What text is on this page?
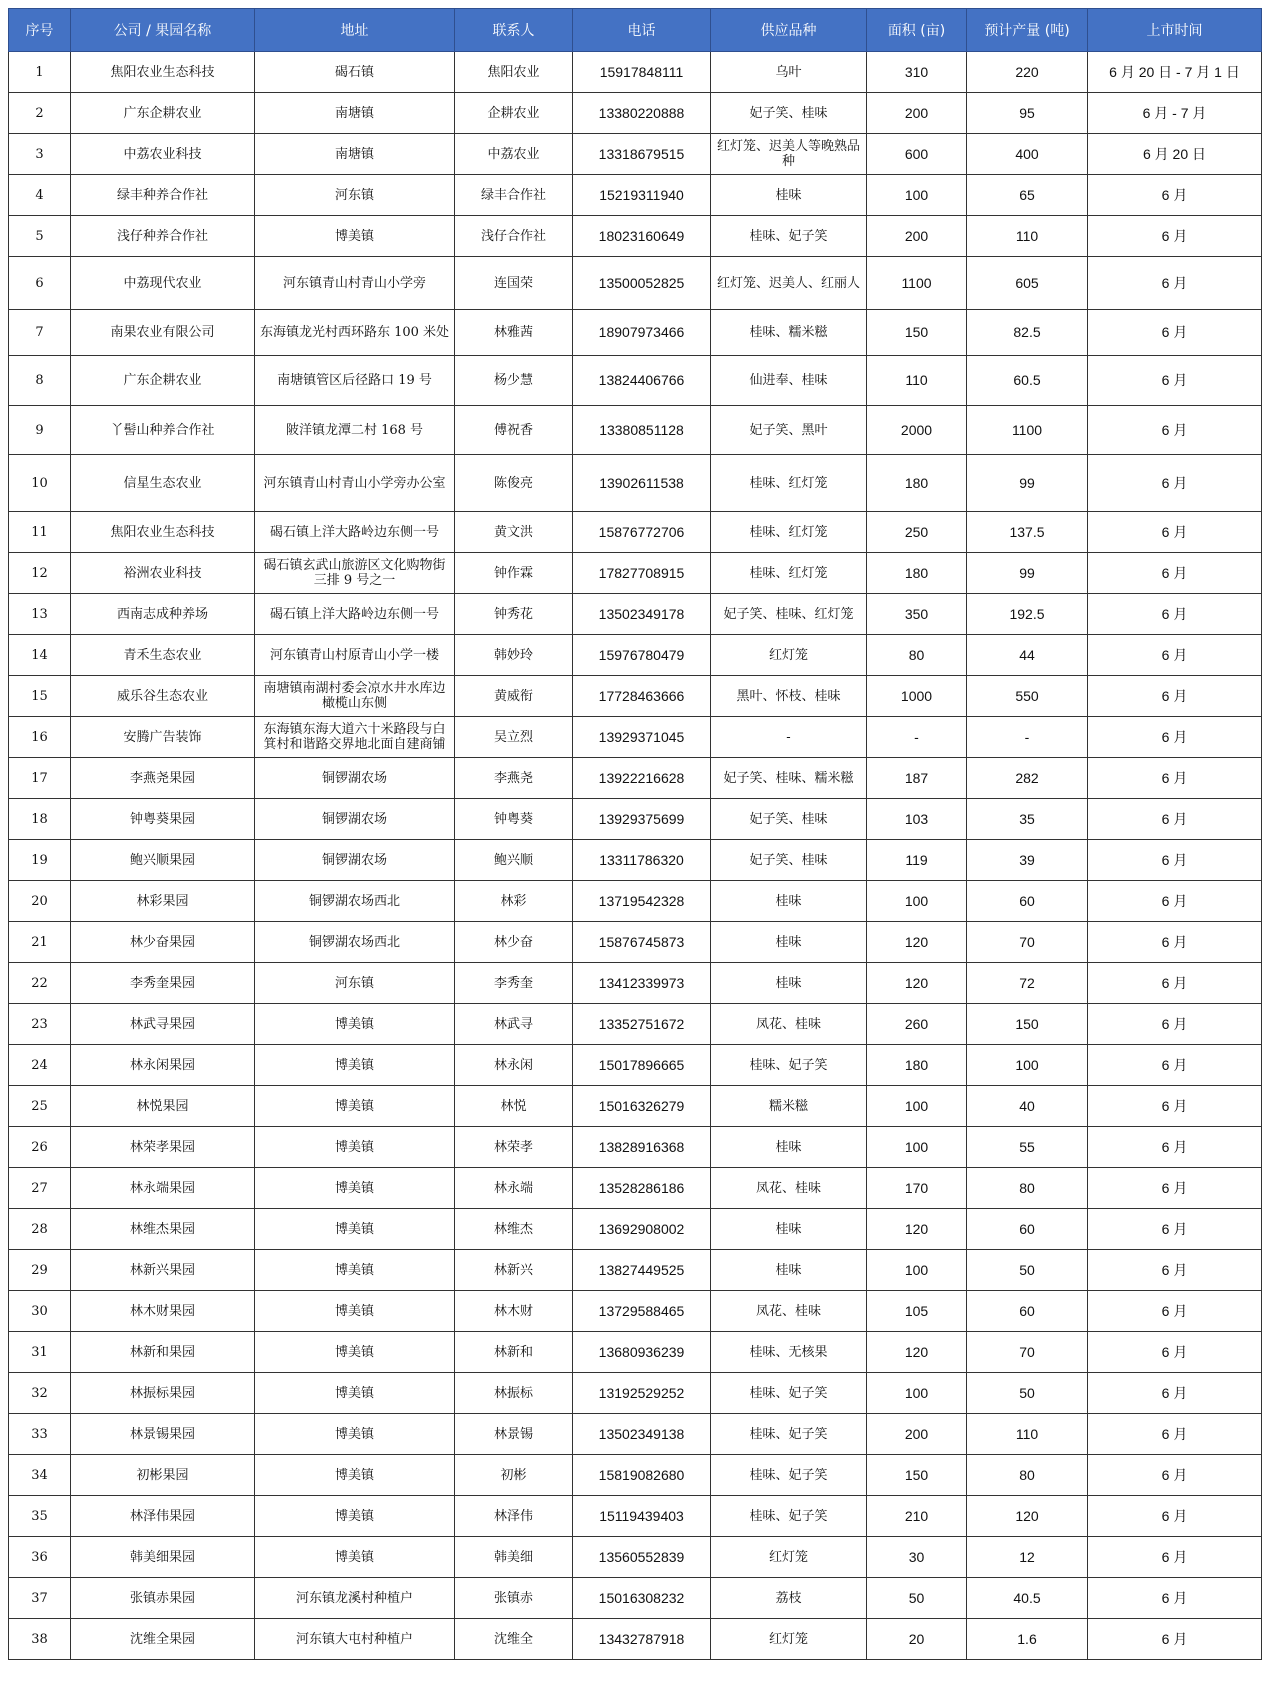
序号	公司 / 果园名称	地址	联系人	电话	供应品种	面积 (亩)	预计产量 (吨)	上市时间
1	焦阳农业生态科技	碣石镇	焦阳农业	15917848111	乌叶	310	220	6 月 20 日 - 7 月 1 日
2	广东企耕农业	南塘镇	企耕农业	13380220888	妃子笑、桂味	200	95	6 月 - 7 月
3	中荔农业科技	南塘镇	中荔农业	13318679515	红灯笼、迟美人等晚熟品种	600	400	6 月 20 日
4	绿丰种养合作社	河东镇	绿丰合作社	15219311940	桂味	100	65	6 月
5	浅仔种养合作社	博美镇	浅仔合作社	18023160649	桂味、妃子笑	200	110	6 月
6	中荔现代农业	河东镇青山村青山小学旁	连国荣	13500052825	红灯笼、迟美人、红丽人	1100	605	6 月
7	南果农业有限公司	东海镇龙光村西环路东 100 米处	林雅茜	18907973466	桂味、糯米糍	150	82.5	6 月
8	广东企耕农业	南塘镇管区后径路口 19 号	杨少慧	13824406766	仙进奉、桂味	110	60.5	6 月
9	丫髻山种养合作社	陂洋镇龙潭二村 168 号	傅祝香	13380851128	妃子笑、黑叶	2000	1100	6 月
10	信星生态农业	河东镇青山村青山小学旁办公室	陈俊亮	13902611538	桂味、红灯笼	180	99	6 月
11	焦阳农业生态科技	碣石镇上洋大路岭边东侧一号	黄文洪	15876772706	桂味、红灯笼	250	137.5	6 月
12	裕洲农业科技	碣石镇玄武山旅游区文化购物街三排 9 号之一	钟作霖	17827708915	桂味、红灯笼	180	99	6 月
13	西南志成种养场	碣石镇上洋大路岭边东侧一号	钟秀花	13502349178	妃子笑、桂味、红灯笼	350	192.5	6 月
14	青禾生态农业	河东镇青山村原青山小学一楼	韩妙玲	15976780479	红灯笼	80	44	6 月
15	威乐谷生态农业	南塘镇南湖村委会凉水井水库边橄榄山东侧	黄威衔	17728463666	黑叶、怀枝、桂味	1000	550	6 月
16	安腾广告装饰	东海镇东海大道六十米路段与白箕村和谐路交界地北面自建商铺	吴立烈	13929371045	-	-	-	6 月
17	李燕尧果园	铜锣湖农场	李燕尧	13922216628	妃子笑、桂味、糯米糍	187	282	6 月
18	钟粤葵果园	铜锣湖农场	钟粤葵	13929375699	妃子笑、桂味	103	35	6 月
19	鲍兴顺果园	铜锣湖农场	鲍兴顺	13311786320	妃子笑、桂味	119	39	6 月
20	林彩果园	铜锣湖农场西北	林彩	13719542328	桂味	100	60	6 月
21	林少奋果园	铜锣湖农场西北	林少奋	15876745873	桂味	120	70	6 月
22	李秀奎果园	河东镇	李秀奎	13412339973	桂味	120	72	6 月
23	林武寻果园	博美镇	林武寻	13352751672	凤花、桂味	260	150	6 月
24	林永闲果园	博美镇	林永闲	15017896665	桂味、妃子笑	180	100	6 月
25	林悦果园	博美镇	林悦	15016326279	糯米糍	100	40	6 月
26	林荣孝果园	博美镇	林荣孝	13828916368	桂味	100	55	6 月
27	林永端果园	博美镇	林永端	13528286186	凤花、桂味	170	80	6 月
28	林维杰果园	博美镇	林维杰	13692908002	桂味	120	60	6 月
29	林新兴果园	博美镇	林新兴	13827449525	桂味	100	50	6 月
30	林木财果园	博美镇	林木财	13729588465	凤花、桂味	105	60	6 月
31	林新和果园	博美镇	林新和	13680936239	桂味、无核果	120	70	6 月
32	林振标果园	博美镇	林振标	13192529252	桂味、妃子笑	100	50	6 月
33	林景锡果园	博美镇	林景锡	13502349138	桂味、妃子笑	200	110	6 月
34	初彬果园	博美镇	初彬	15819082680	桂味、妃子笑	150	80	6 月
35	林泽伟果园	博美镇	林泽伟	15119439403	桂味、妃子笑	210	120	6 月
36	韩美细果园	博美镇	韩美细	13560552839	红灯笼	30	12	6 月
37	张镇赤果园	河东镇龙溪村种植户	张镇赤	15016308232	荔枝	50	40.5	6 月
38	沈维全果园	河东镇大屯村种植户	沈维全	13432787918	红灯笼	20	1.6	6 月
